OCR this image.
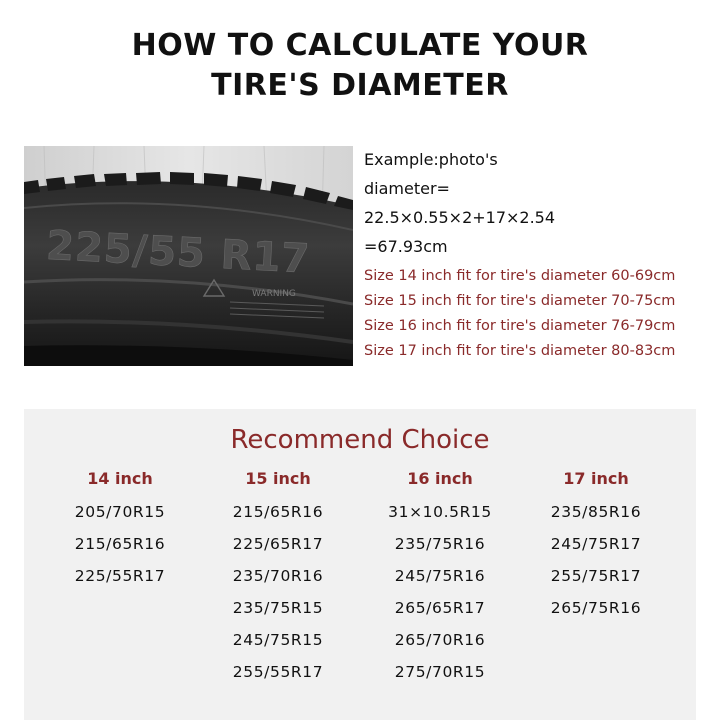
HOW TO CALCULATE YOUR
TIRE'S DIAMETER
225/55 R17
WARNING
Example:photo's
diameter=
22.5×0.55×2+17×2.54
=67.93cm
Size 14 inch fit for tire's diameter 60-69cm
Size 15 inch fit for tire's diameter 70-75cm
Size 16 inch fit for tire's diameter 76-79cm
Size 17 inch fit for tire's diameter 80-83cm
Recommend Choice
14 inch
205/70R15
215/65R16
225/55R17
15 inch
215/65R16
225/65R17
235/70R16
235/75R15
245/75R15
255/55R17
16 inch
31×10.5R15
235/75R16
245/75R16
265/65R17
265/70R16
275/70R15
17 inch
235/85R16
245/75R17
255/75R17
265/75R16
